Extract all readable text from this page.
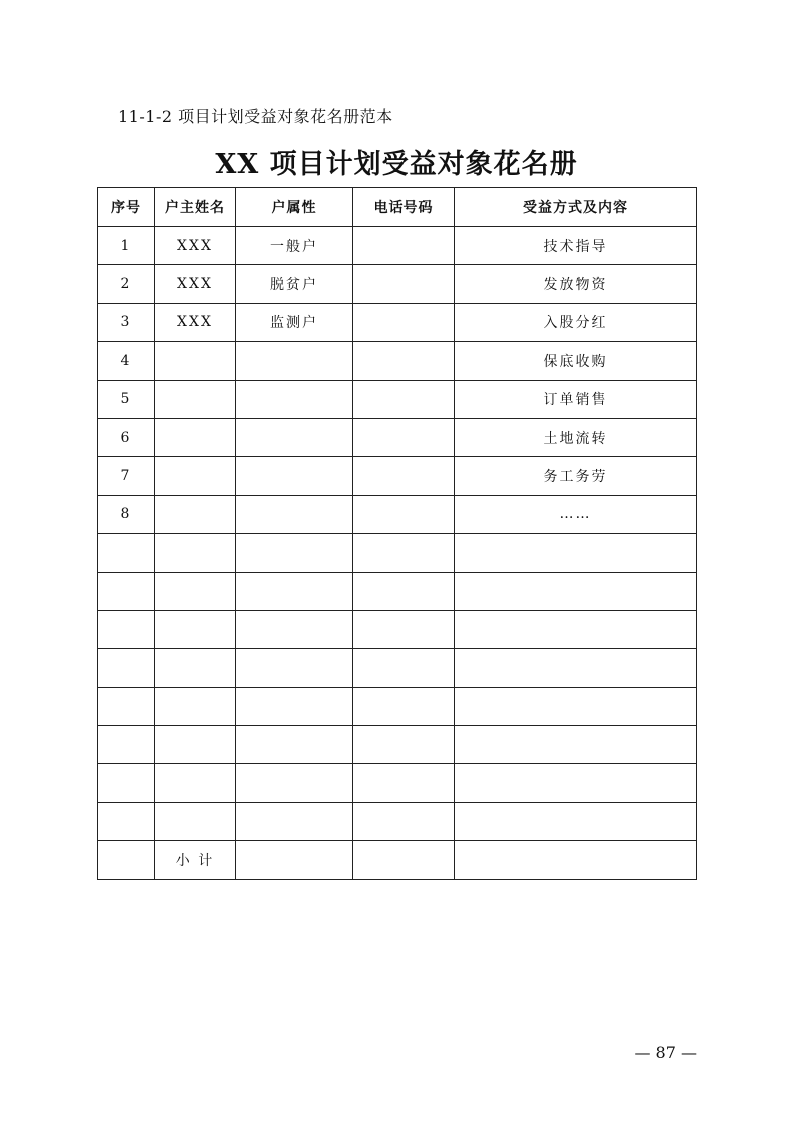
11-1-2 项目计划受益对象花名册范本
XX 项目计划受益对象花名册
序号	户主姓名	户属性	电话号码	受益方式及内容
1	XXX	一般户		技术指导
2	XXX	脱贫户		发放物资
3	XXX	监测户		入股分红
4				保底收购
5				订单销售
6				土地流转
7				务工务劳
8				……

	小 计			
— 87 —
